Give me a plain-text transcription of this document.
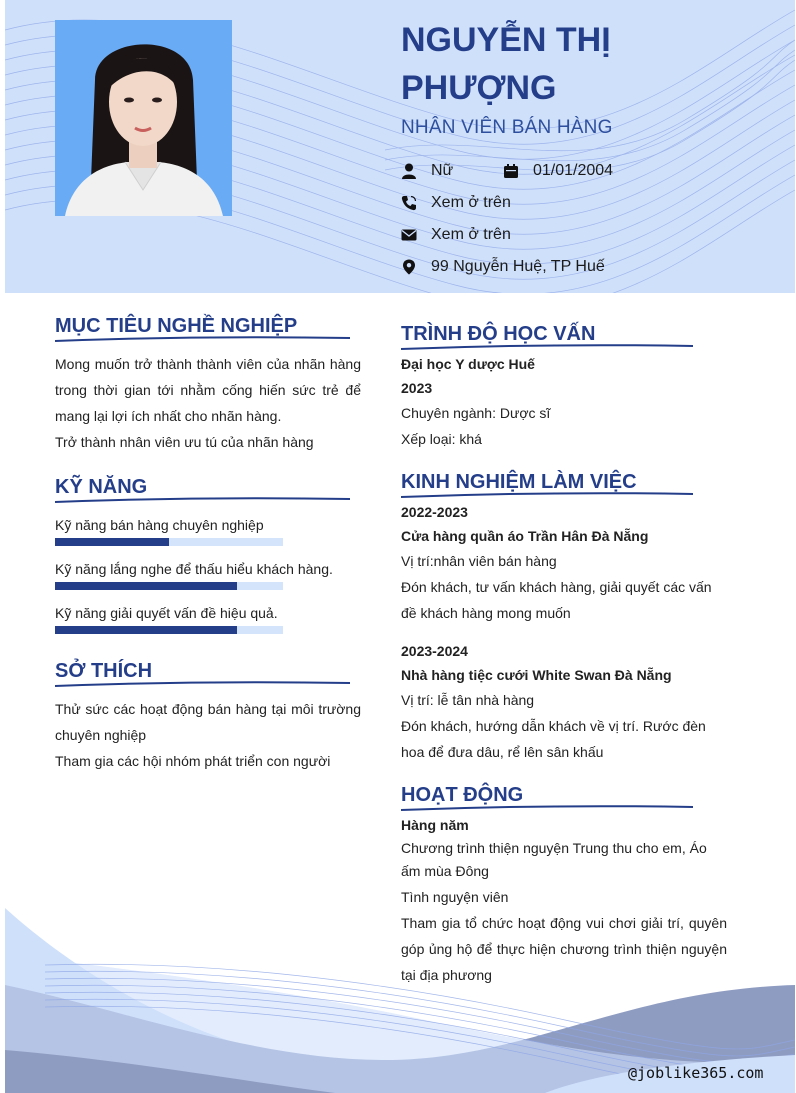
NGUYỄN THỊ PHƯỢNG
NHÂN VIÊN BÁN HÀNG
Nữ	01/01/2004
Xem ở trên
Xem ở trên
99 Nguyễn Huệ, TP Huế
MỤC TIÊU NGHỀ NGHIỆP
Mong muốn trở thành thành viên của nhãn hàng trong thời gian tới nhằm cống hiến sức trẻ để mang lại lợi ích nhất cho nhãn hàng.
Trở thành nhân viên ưu tú của nhãn hàng
KỸ NĂNG
Kỹ năng bán hàng chuyên nghiệp
Kỹ năng lắng nghe để thấu hiểu khách hàng.
Kỹ năng giải quyết vấn đề hiệu quả.
SỞ THÍCH
Thử sức các hoạt động bán hàng tại môi trường chuyên nghiệp
Tham gia các hội nhóm phát triển con người
TRÌNH ĐỘ HỌC VẤN
Đại học Y dược Huế
2023
Chuyên ngành: Dược sĩ
Xếp loại: khá
KINH NGHIỆM LÀM VIỆC
2022-2023
Cửa hàng quần áo Trần Hân Đà Nẵng
Vị trí:nhân viên bán hàng
Đón khách, tư vấn khách hàng, giải quyết các vấn đề khách hàng mong muốn
2023-2024
Nhà hàng tiệc cưới White Swan Đà Nẵng
Vị trí: lễ tân nhà hàng
Đón khách, hướng dẫn khách về vị trí. Rước đèn hoa để đưa dâu, rể lên sân khấu
HOẠT ĐỘNG
Hàng năm
Chương trình thiện nguyện Trung thu cho em, Áo ấm mùa Đông
Tình nguyện viên
Tham gia tổ chức hoạt động vui chơi giải trí, quyên góp ủng hộ để thực hiện chương trình thiện nguyện tại địa phương
@joblike365.com
